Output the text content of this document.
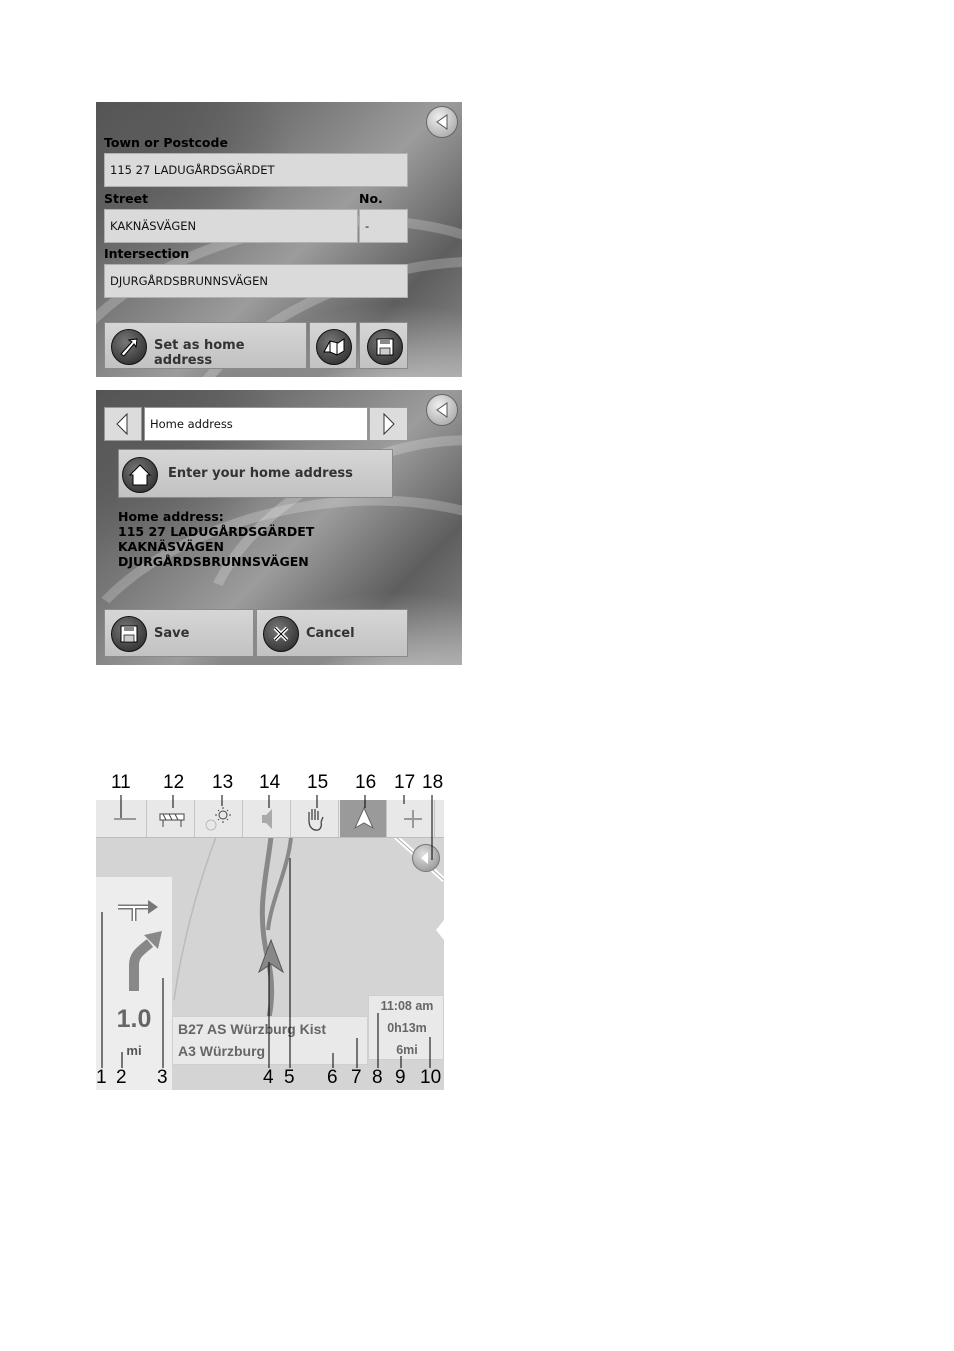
Town or Postcode
115 27 LADUGÅRDSGÄRDET
Street	No.
KAKNÄSVÄGEN	-
Intersection
DJURGÅRDSBRUNNSVÄGEN
Set as home address
Home address
Enter your home address
Home address:
115 27 LADUGÅRDSGÄRDET
KAKNÄSVÄGEN
DJURGÅRDSBRUNNSVÄGEN
Save	Cancel
1.0
mi
B27 AS Würzburg Kist
A3 Würzburg
11:08 am
0h13m
6mi
11 12 13 14 15 16 17 18
1 2 3	4 5 6 7 8 9 10
